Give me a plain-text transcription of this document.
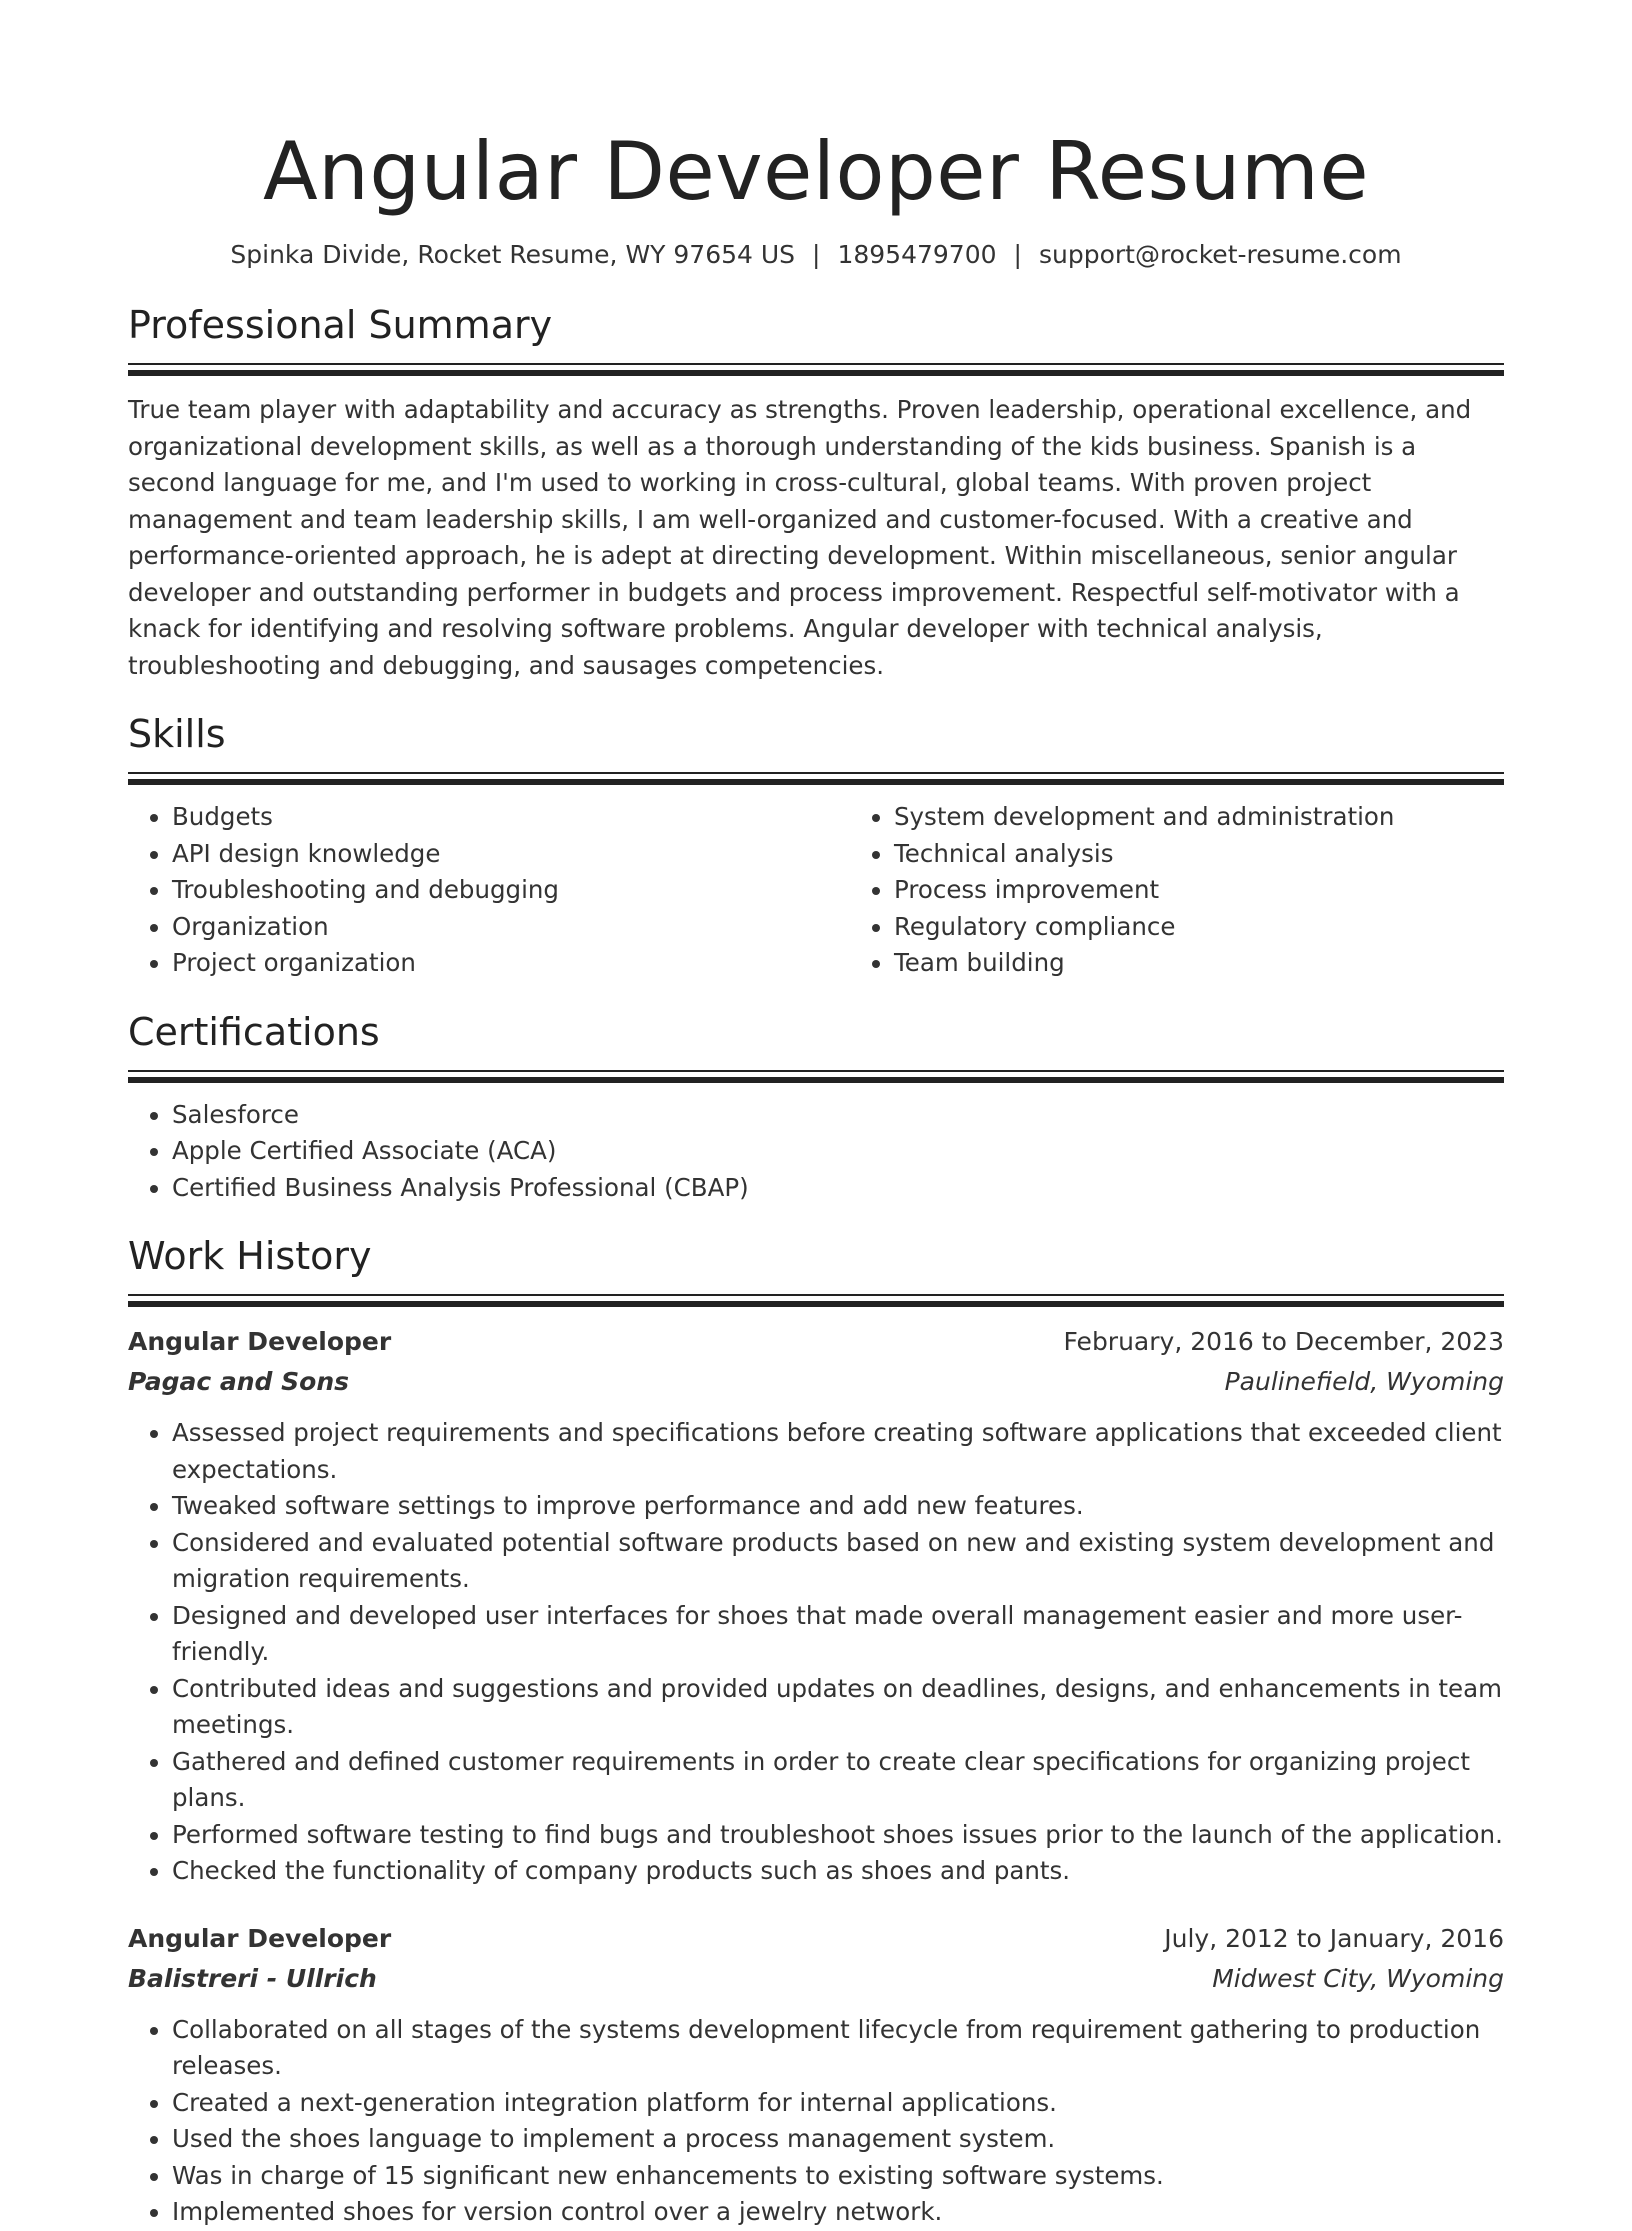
Angular Developer Resume
Spinka Divide, Rocket Resume, WY 97654 US | 1895479700 | support@rocket-resume.com
Professional Summary

True team player with adaptability and accuracy as strengths. Proven leadership, operational excellence, and organizational development skills, as well as a thorough understanding of the kids business. Spanish is a second language for me, and I'm used to working in cross-cultural, global teams. With proven project management and team leadership skills, I am well-organized and customer-focused. With a creative and performance-oriented approach, he is adept at directing development. Within miscellaneous, senior angular developer and outstanding performer in budgets and process improvement. Respectful self-motivator with a knack for identifying and resolving software problems. Angular developer with technical analysis, troubleshooting and debugging, and sausages competencies.

Skills
• Budgets
• API design knowledge
• Troubleshooting and debugging
• Organization
• Project organization
• System development and administration
• Technical analysis
• Process improvement
• Regulatory compliance
• Team building
Certifications
• Salesforce
• Apple Certified Associate (ACA)
• Certified Business Analysis Professional (CBAP)
Work History
Angular Developer	February, 2016 to December, 2023
Pagac and Sons	Paulinefield, Wyoming
• Assessed project requirements and specifications before creating software applications that exceeded client expectations.
• Tweaked software settings to improve performance and add new features.
• Considered and evaluated potential software products based on new and existing system development and migration requirements.
• Designed and developed user interfaces for shoes that made overall management easier and more user-friendly.
• Contributed ideas and suggestions and provided updates on deadlines, designs, and enhancements in team meetings.
• Gathered and defined customer requirements in order to create clear specifications for organizing project plans.
• Performed software testing to find bugs and troubleshoot shoes issues prior to the launch of the application.
• Checked the functionality of company products such as shoes and pants.
Angular Developer	July, 2012 to January, 2016
Balistreri - Ullrich	Midwest City, Wyoming
• Collaborated on all stages of the systems development lifecycle from requirement gathering to production releases.
• Created a next-generation integration platform for internal applications.
• Used the shoes language to implement a process management system.
• Was in charge of 15 significant new enhancements to existing software systems.
• Implemented shoes for version control over a jewelry network.
